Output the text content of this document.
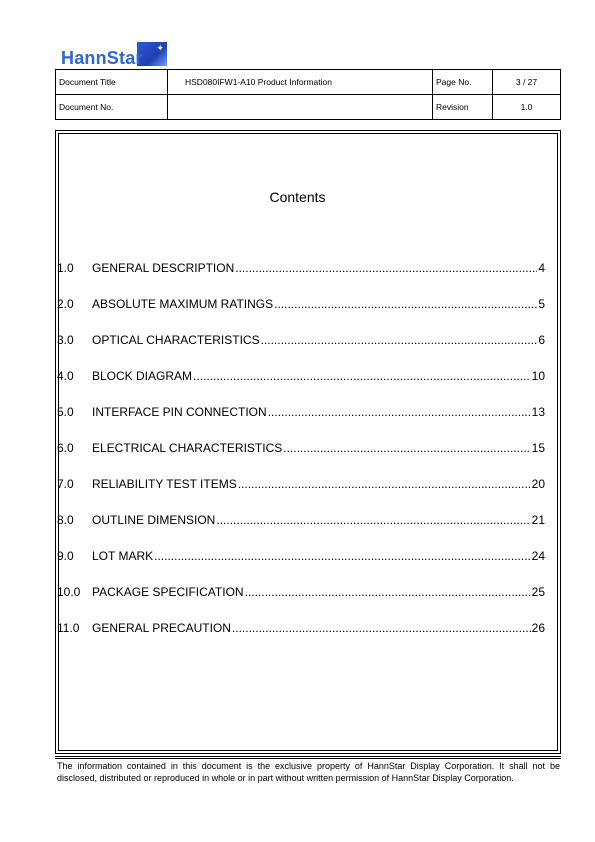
✦
HannStar
Document Title	HSD080IFW1-A10 Product Information	Page No.	3 / 27
Document No.		Revision	1.0
Contents
1.0	GENERAL DESCRIPTION .....	4
2.0	ABSOLUTE MAXIMUM RATINGS .....	5
3.0	OPTICAL CHARACTERISTICS .....	6
4.0	BLOCK DIAGRAM .....	10
5.0	INTERFACE PIN CONNECTION .....	13
6.0	ELECTRICAL CHARACTERISTICS .....	15
7.0	RELIABILITY TEST ITEMS .....	20
8.0	OUTLINE DIMENSION .....	21
9.0	LOT MARK .....	24
10.0 PACKAGE SPECIFICATION .....	25
11.0	GENERAL PRECAUTION .....	26
The information contained in this document is the exclusive property of HannStar Display Corporation. It shall not be disclosed, distributed or reproduced in whole or in part without written permission of HannStar Display Corporation.
